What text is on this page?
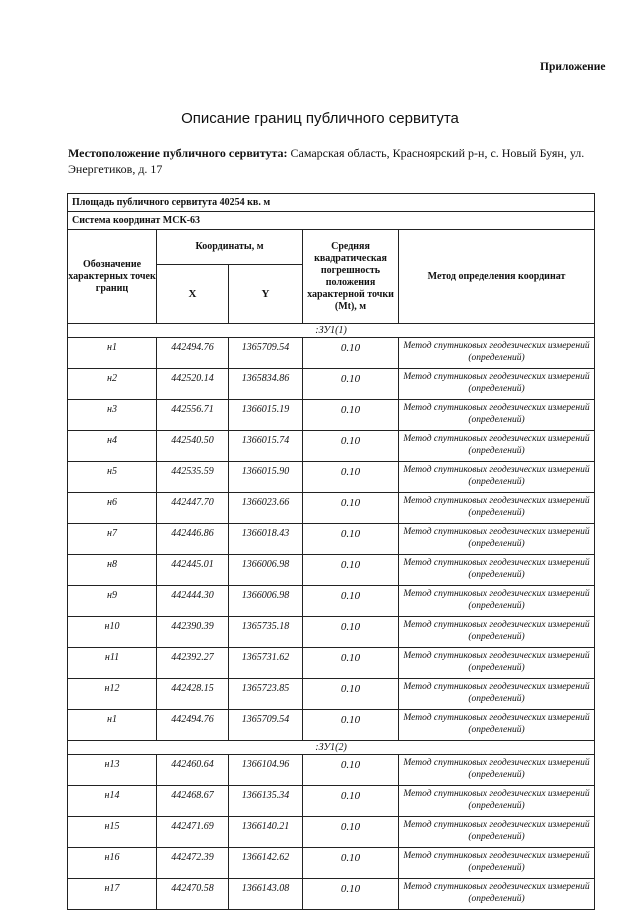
Приложение
Описание границ публичного сервитута
Местоположение публичного сервитута: Самарская область, Красноярский р-н, с. Новый Буян, ул. Энергетиков, д. 17
Площадь публичного сервитута 40254 кв. м				
Система координат МСК-63				
Обозначение характерных точек границ	Координаты, м		Средняя квадратическая погрешность положения характерной точки (Mt), м	Метод определения координат
	X	Y		
:ЗУ1(1)				
н1	442494.76	1365709.54	0.10	Метод спутниковых геодезических измерений (определений)
н2	442520.14	1365834.86	0.10	Метод спутниковых геодезических измерений (определений)
н3	442556.71	1366015.19	0.10	Метод спутниковых геодезических измерений (определений)
н4	442540.50	1366015.74	0.10	Метод спутниковых геодезических измерений (определений)
н5	442535.59	1366015.90	0.10	Метод спутниковых геодезических измерений (определений)
н6	442447.70	1366023.66	0.10	Метод спутниковых геодезических измерений (определений)
н7	442446.86	1366018.43	0.10	Метод спутниковых геодезических измерений (определений)
н8	442445.01	1366006.98	0.10	Метод спутниковых геодезических измерений (определений)
н9	442444.30	1366006.98	0.10	Метод спутниковых геодезических измерений (определений)
н10	442390.39	1365735.18	0.10	Метод спутниковых геодезических измерений (определений)
н11	442392.27	1365731.62	0.10	Метод спутниковых геодезических измерений (определений)
н12	442428.15	1365723.85	0.10	Метод спутниковых геодезических измерений (определений)
н1	442494.76	1365709.54	0.10	Метод спутниковых геодезических измерений (определений)
:ЗУ1(2)				
н13	442460.64	1366104.96	0.10	Метод спутниковых геодезических измерений (определений)
н14	442468.67	1366135.34	0.10	Метод спутниковых геодезических измерений (определений)
н15	442471.69	1366140.21	0.10	Метод спутниковых геодезических измерений (определений)
н16	442472.39	1366142.62	0.10	Метод спутниковых геодезических измерений (определений)
н17	442470.58	1366143.08	0.10	Метод спутниковых геодезических измерений (определений)
